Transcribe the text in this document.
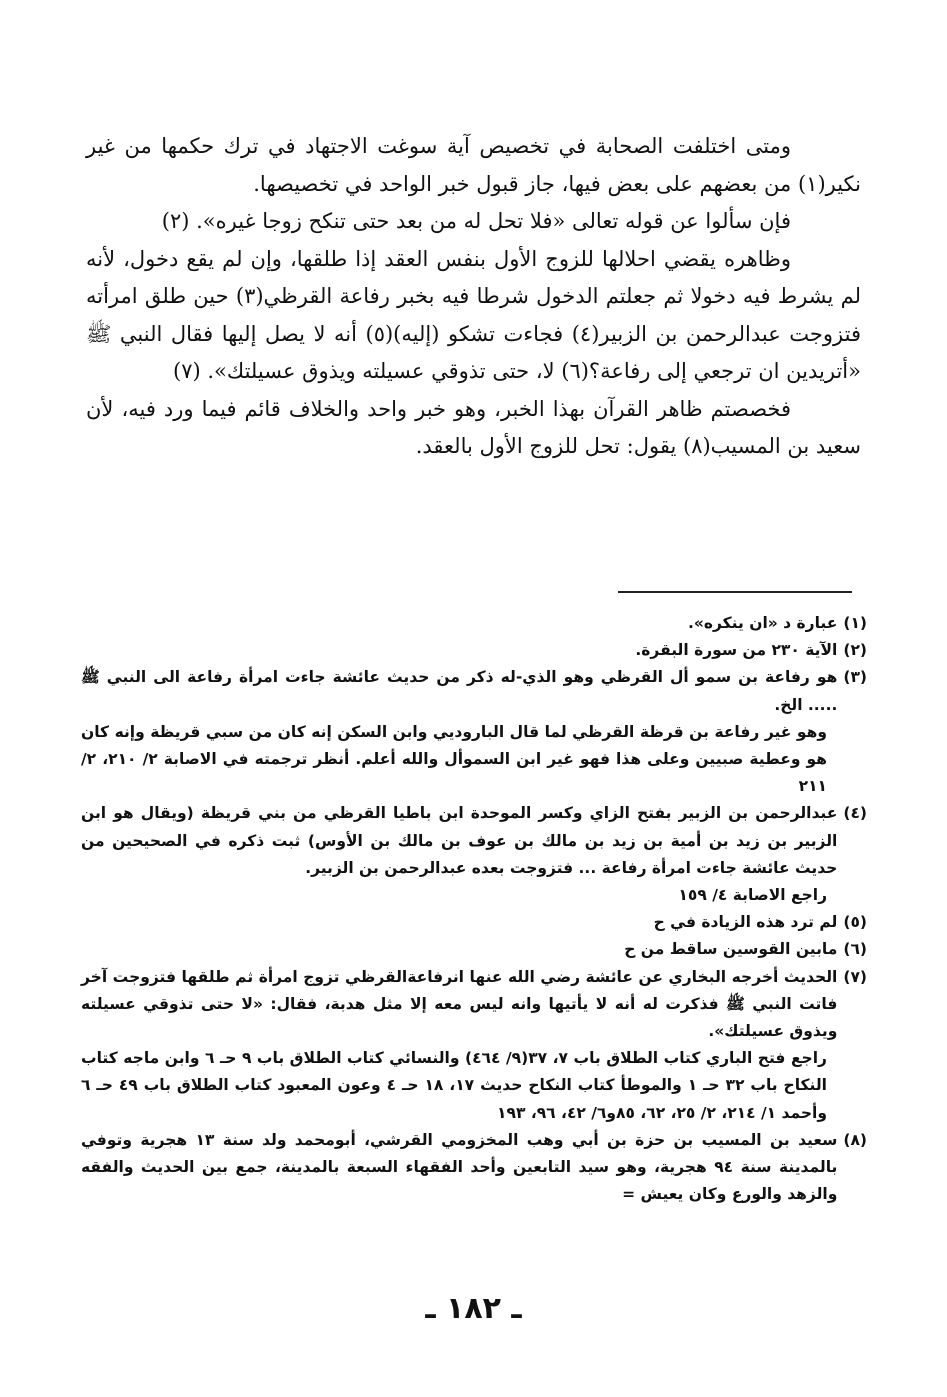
ومتى اختلفت الصحابة في تخصيص آية سوغت الاجتهاد في ترك حكمها من غير نكير(١) من بعضهم على بعض فيها، جاز قبول خبر الواحد في تخصيصها.

فإن سألوا عن قوله تعالى «فلا تحل له من بعد حتى تنكح زوجا غيره». (٢)

وظاهره يقضي احلالها للزوج الأول بنفس العقد إذا طلقها، وإن لم يقع دخول، لأنه لم يشرط فيه دخولا ثم جعلتم الدخول شرطا فيه بخبر رفاعة القرظي(٣) حين طلق امرأته فتزوجت عبدالرحمن بن الزبير(٤) فجاءت تشكو (إليه)(٥) أنه لا يصل إليها فقال النبي ﷺ «أتريدين ان ترجعي إلى رفاعة؟(٦) لا، حتى تذوقي عسيلته ويذوق عسيلتك». (٧)

فخصصتم ظاهر القرآن بهذا الخبر، وهو خبر واحد والخلاف قائم فيما ورد فيه، لأن سعيد بن المسيب(٨) يقول: تحل للزوج الأول بالعقد.

(١)

عبارة د «ان ينكره».

(٢)

الآية ٢٣٠ من سورة البقرة.

(٣)

هو رفاعة بن سمو أل القرظي وهو الذي-له ذكر من حديث عائشة جاءت امرأة رفاعة الى النبي ﷺ ..... الخ.

وهو غير رفاعة بن قرظة القرظي لما قال الباروديي وابن السكن إنه كان من سبي قريظة وإنه كان هو وعطية صبيين وعلى هذا فهو غير ابن السموأل والله أعلم. أنظر ترجمته في الاصابة ٢/ ٢١٠، ٢/ ٢١١

(٤)

عبدالرحمن بن الزبير بفتح الزاي وكسر الموحدة ابن باطيا القرظي من بني قريظة (ويقال هو ابن الزبير بن زيد بن أمية بن زيد بن مالك بن عوف بن مالك بن الأوس) ثبت ذكره في الصحيحين من حديث عائشة جاءت امرأة رفاعة ... فتزوجت بعده عبدالرحمن بن الزبير.

راجع الاصابة ٤/ ١٥٩

(٥)

لم ترد هذه الزيادة في ح

(٦)

مابين القوسين ساقط من ح

(٧)

الحديث أخرجه البخاري عن عائشة رضي الله عنها انرفاعةالقرظي تزوج امرأة ثم طلقها فتزوجت آخر فاتت النبي ﷺ فذكرت له أنه لا يأتيها وانه ليس معه إلا مثل هدبة، فقال: «لا حتى تذوقي عسيلته ويذوق عسيلتك».

راجع فتح الباري كتاب الطلاق باب ٧، ٣٧(٩/ ٤٦٤) والنسائي كتاب الطلاق باب ٩ حـ ٦ وابن ماجه كتاب النكاح باب ٣٢ حـ ١ والموطأ كتاب النكاح حديث ١٧، ١٨ حـ ٤ وعون المعبود كتاب الطلاق باب ٤٩ حـ ٦ وأحمد ١/ ٢١٤، ٢/ ٢٥، ٦٢، ٨٥و٦/ ٤٢، ٩٦، ١٩٣

(٨)

سعيد بن المسيب بن حزة بن أبي وهب المخزومي القرشي، أبومحمد ولد سنة ١٣ هجرية وتوفي بالمدينة سنة ٩٤ هجرية، وهو سيد التابعين وأحد الفقهاء السبعة بالمدينة، جمع بين الحديث والفقه والزهد والورع وكان يعيش =

ـ ١٨٢ ـ
